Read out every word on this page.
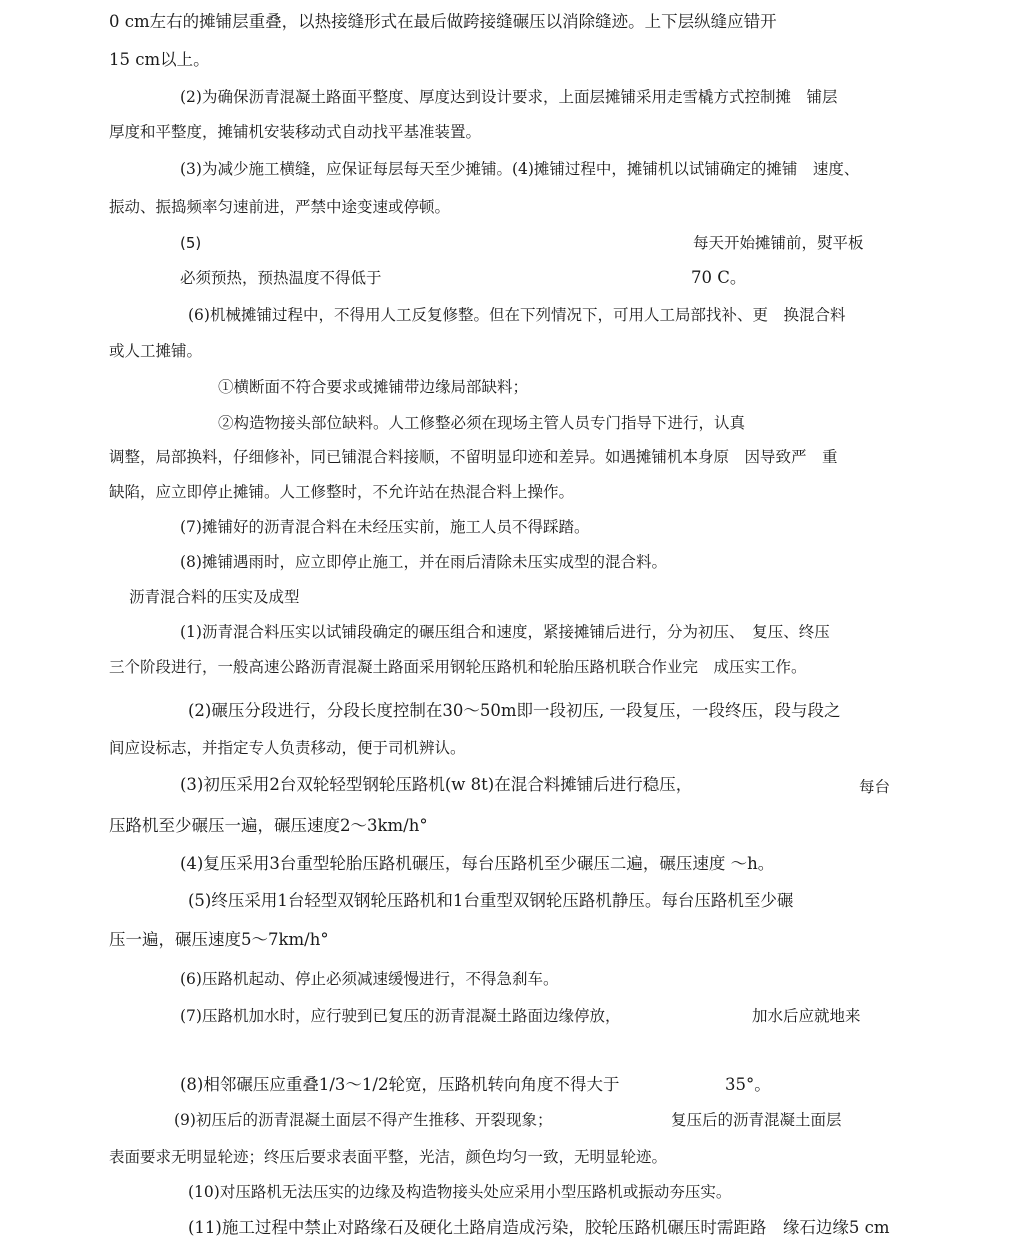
0 cm左右的摊铺层重叠，以热接缝形式在最后做跨接缝碾压以消除缝迹。上下层纵缝应错开
15 cm以上。
(2)为确保沥青混凝土路面平整度、厚度达到设计要求，上面层摊铺采用走雪橇方式控制摊　铺层
厚度和平整度，摊铺机安装移动式自动找平基准装置。
(3)为减少施工横缝，应保证每层每天至少摊铺。(4)摊铺过程中，摊铺机以试铺确定的摊铺　速度、
振动、振捣频率匀速前进，严禁中途变速或停顿。
(5)	每天开始摊铺前，熨平板
必须预热，预热温度不得低于	70 C。
(6)机械摊铺过程中，不得用人工反复修整。但在下列情况下，可用人工局部找补、更　换混合料
或人工摊铺。
①横断面不符合要求或摊铺带边缘局部缺料；
②构造物接头部位缺料。人工修整必须在现场主管人员专门指导下进行，认真
调整，局部换料，仔细修补，同已铺混合料接顺，不留明显印迹和差异。如遇摊铺机本身原　因导致严　重
缺陷，应立即停止摊铺。人工修整时，不允许站在热混合料上操作。
(7)摊铺好的沥青混合料在未经压实前，施工人员不得踩踏。
(8)摊铺遇雨时，应立即停止施工，并在雨后清除未压实成型的混合料。
沥青混合料的压实及成型
(1)沥青混合料压实以试铺段确定的碾压组合和速度，紧接摊铺后进行，分为初压、　复压、终压
三个阶段进行，一般高速公路沥青混凝土路面采用钢轮压路机和轮胎压路机联合作业完　成压实工作。
(2)碾压分段进行，分段长度控制在30〜50m即一段初压, 一段复压，一段终压，段与段之
间应设标志，并指定专人负责移动，便于司机辨认。
(3)初压采用2台双轮轻型钢轮压路机(w 8t)在混合料摊铺后进行稳压，	每台
压路机至少碾压一遍，碾压速度2〜3km/h°
(4)复压采用3台重型轮胎压路机碾压，每台压路机至少碾压二遍，碾压速度 〜h。
(5)终压采用1台轻型双钢轮压路机和1台重型双钢轮压路机静压。每台压路机至少碾
压一遍，碾压速度5〜7km/h°
(6)压路机起动、停止必须减速缓慢进行，不得急刹车。
(7)压路机加水时，应行驶到已复压的沥青混凝土路面边缘停放，	加水后应就地来
(8)相邻碾压应重叠1/3〜1/2轮宽，压路机转向角度不得大于	35°。
(9)初压后的沥青混凝土面层不得产生推移、开裂现象；	复压后的沥青混凝土面层
表面要求无明显轮迹；终压后要求表面平整，光洁，颜色均匀一致，无明显轮迹。
(10)对压路机无法压实的边缘及构造物接头处应采用小型压路机或振动夯压实。
(11)施工过程中禁止对路缘石及硬化土路肩造成污染，胶轮压路机碾压时需距路　缘石边缘5 cm
